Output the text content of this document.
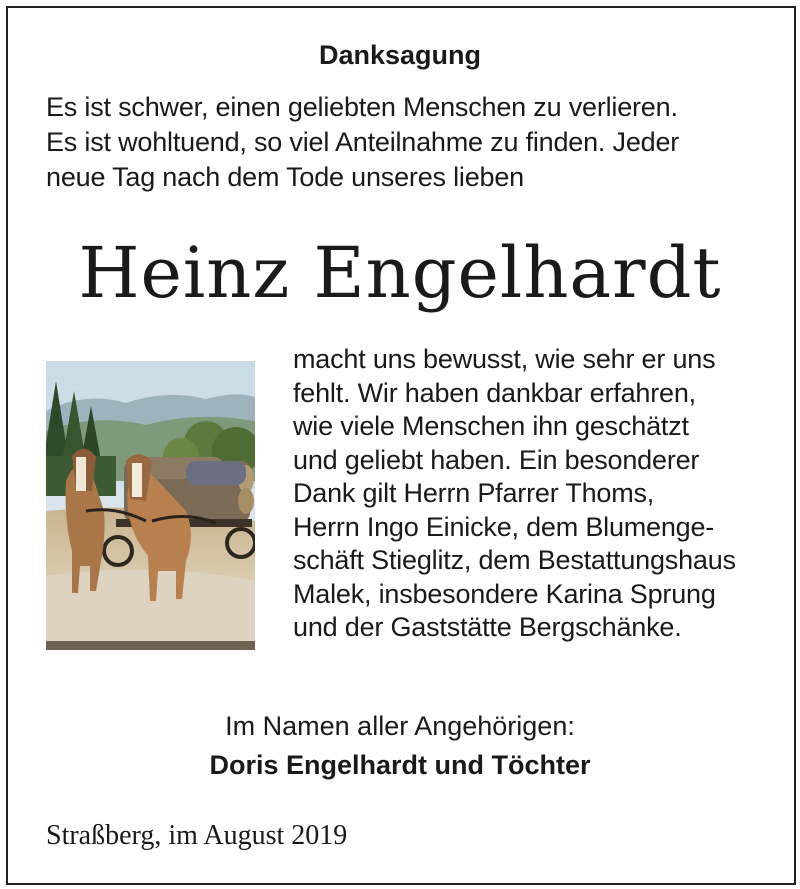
Danksagung
Es ist schwer, einen geliebten Menschen zu verlieren.
Es ist wohltuend, so viel Anteilnahme zu finden. Jeder
neue Tag nach dem Tode unseres lieben
Heinz Engelhardt
macht uns bewusst, wie sehr er uns
fehlt. Wir haben dankbar erfahren,
wie viele Menschen ihn geschätzt
und geliebt haben. Ein besonderer
Dank gilt Herrn Pfarrer Thoms,
Herrn Ingo Einicke, dem Blumenge-
schäft Stieglitz, dem Bestattungshaus
Malek, insbesondere Karina Sprung
und der Gaststätte Bergschänke.
Im Namen aller Angehörigen:
Doris Engelhardt und Töchter
Straßberg, im August 2019
